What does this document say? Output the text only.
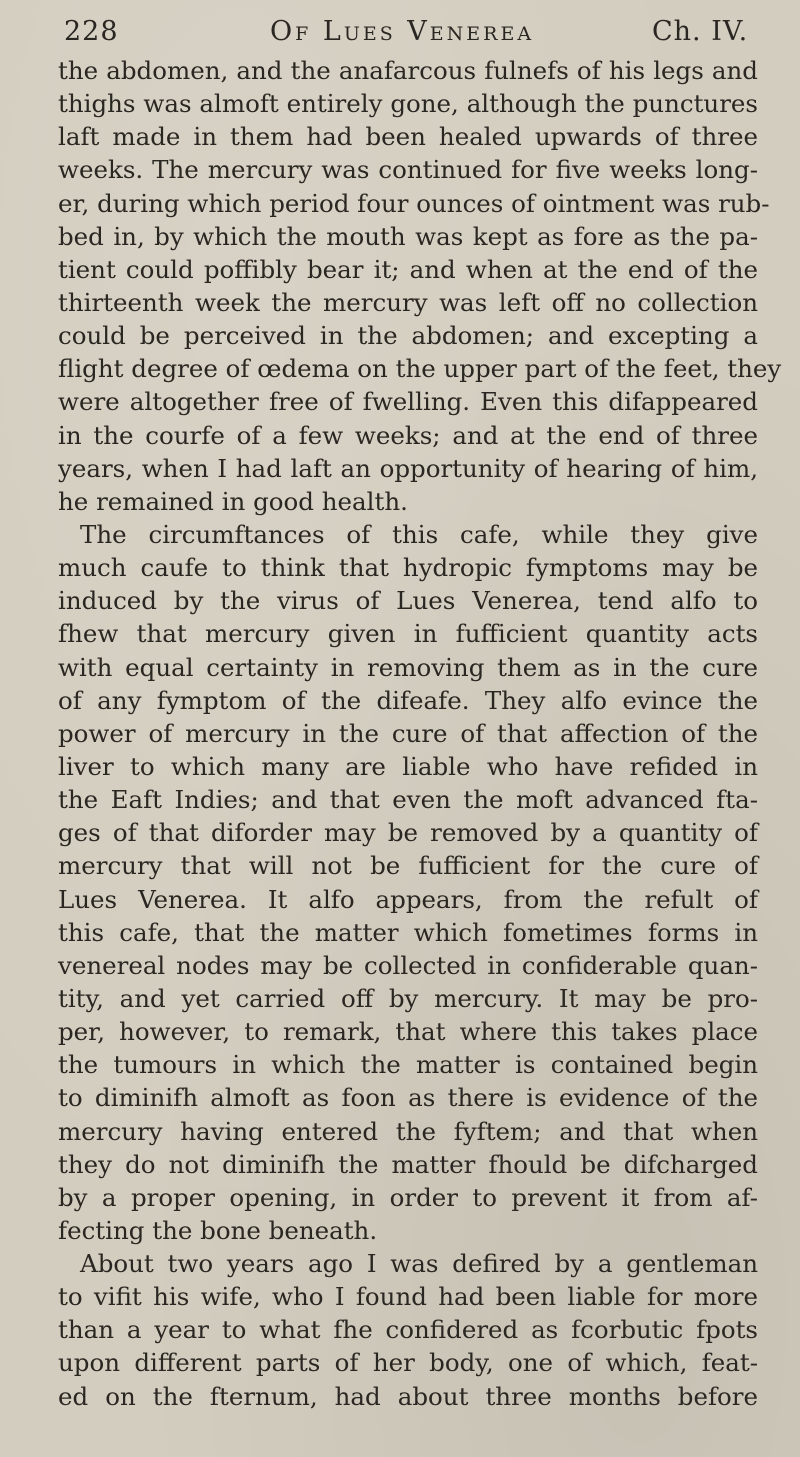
228	Of Lues Venerea	Ch. IV.
the abdomen, and the anafarcous fulnefs of his legs and
thighs was almoft entirely gone, although the punctures
laft made in them had been healed upwards of three
weeks. The mercury was continued for five weeks long-
er, during which period four ounces of ointment was rub-
bed in, by which the mouth was kept as fore as the pa-
tient could poffibly bear it; and when at the end of the
thirteenth week the mercury was left off no collection
could be perceived in the abdomen; and excepting a
flight degree of œdema on the upper part of the feet, they
were altogether free of fwelling. Even this difappeared
in the courfe of a few weeks; and at the end of three
years, when I had laft an opportunity of hearing of him,
he remained in good health.
The circumftances of this cafe, while they give
much caufe to think that hydropic fymptoms may be
induced by the virus of Lues Venerea, tend alfo to
fhew that mercury given in fufficient quantity acts
with equal certainty in removing them as in the cure
of any fymptom of the difeafe. They alfo evince the
power of mercury in the cure of that affection of the
liver to which many are liable who have refided in
the Eaft Indies; and that even the moft advanced fta-
ges of that diforder may be removed by a quantity of
mercury that will not be fufficient for the cure of
Lues Venerea. It alfo appears, from the refult of
this cafe, that the matter which fometimes forms in
venereal nodes may be collected in confiderable quan-
tity, and yet carried off by mercury. It may be pro-
per, however, to remark, that where this takes place
the tumours in which the matter is contained begin
to diminifh almoft as foon as there is evidence of the
mercury having entered the fyftem; and that when
they do not diminifh the matter fhould be difcharged
by a proper opening, in order to prevent it from af-
fecting the bone beneath.
About two years ago I was defired by a gentleman
to vifit his wife, who I found had been liable for more
than a year to what fhe confidered as fcorbutic fpots
upon different parts of her body, one of which, feat-
ed on the fternum, had about three months before
